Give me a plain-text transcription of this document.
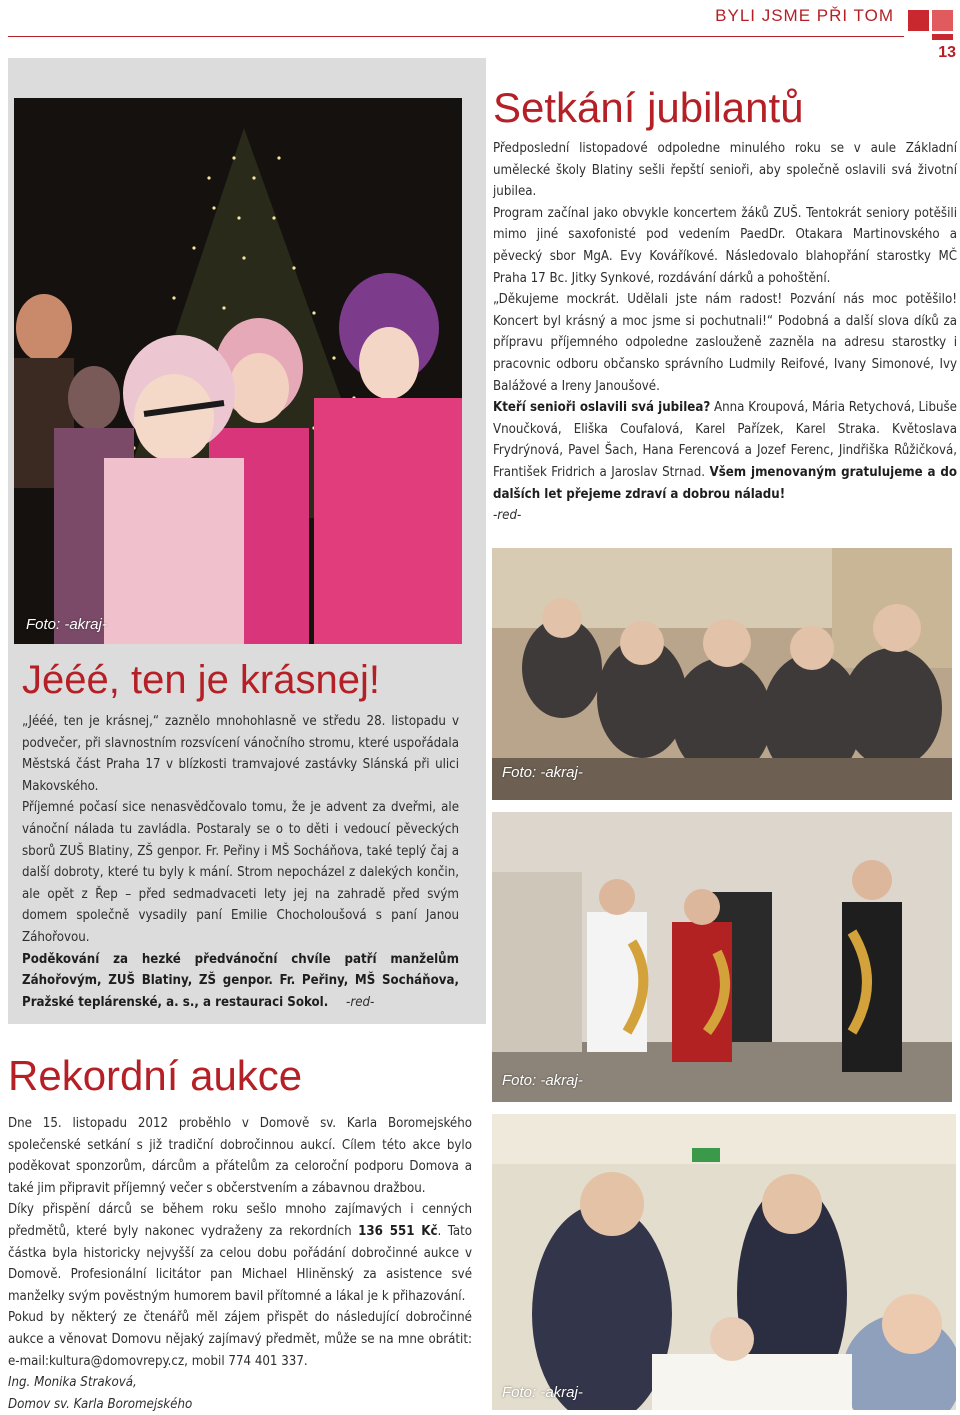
BYLI JSME PŘI TOM
13
Foto: -akraj-
Jééé, ten je krásnej!

„Jééé, ten je krásnej,“ zaznělo mnohohlasně ve středu 28. listopadu v podvečer, při slavnostním rozsvícení vánočního stromu, které uspořádala Městská část Praha 17 v blízkosti tramvajové zastávky Slánská při ulici Makovského.

Příjemné počasí sice nenasvědčovalo tomu, že je advent za dveřmi, ale vánoční nálada tu zavládla. Postaraly se o to děti i vedoucí pěveckých sborů ZUŠ Blatiny, ZŠ genpor. Fr. Peřiny i MŠ Socháňova, také teplý čaj a další dobroty, které tu byly k mání. Strom nepocházel z dalekých končin, ale opět z Řep – před sedmadvaceti lety jej na zahradě před svým domem společně vysadily paní Emilie Chocholoušová s paní Janou Záhořovou.

Poděkování za hezké předvánoční chvíle patří manželům Záhořovým, ZUŠ Blatiny, ZŠ genpor. Fr. Peřiny, MŠ Socháňova, Pražské teplárenské, a. s., a restauraci Sokol. -red-

Setkání jubilantů

Předposlední listopadové odpoledne minulého roku se v aule Základní umělecké školy Blatiny sešli řepští senioři, aby společně oslavili svá životní jubilea.

Program začínal jako obvykle koncertem žáků ZUŠ. Tentokrát seniory potěšili mimo jiné saxofonisté pod vedením PaedDr. Otakara Martinovského a pěvecký sbor MgA. Evy Kováříkové. Následovalo blahopřání starostky MČ Praha 17 Bc. Jitky Synkové, rozdávání dárků a pohoštění.

„Děkujeme mockrát. Udělali jste nám radost! Pozvání nás moc potěšilo! Koncert byl krásný a moc jsme si pochutnali!“ Podobná a další slova díků za přípravu příjemného odpoledne zaslouženě zazněla na adresu starostky i pracovnic odboru občansko správního Ludmily Reifové, Ivany Simonové, Ivy Balážové a Ireny Janoušové.

Kteří senioři oslavili svá jubilea? Anna Kroupová, Mária Retychová, Libuše Vnoučková, Eliška Coufalová, Karel Pařízek, Karel Straka. Květoslava Frydrýnová, Pavel Šach, Hana Ferencová a Jozef Ferenc, Jindřiška Růžičková, František Fridrich a Jaroslav Strnad. Všem jmenovaným gratulujeme a do dalších let přejeme zdraví a dobrou náladu!

-red-

Foto: -akraj-
Foto: -akraj-
Foto: -akraj-
Rekordní aukce

Dne 15. listopadu 2012 proběhlo v Domově sv. Karla Boromejského společenské setkání s již tradiční dobročinnou aukcí. Cílem této akce bylo poděkovat sponzorům, dárcům a přátelům za celoroční podporu Domova a také jim připravit příjemný večer s občerstvením a zábavnou dražbou.

Díky přispění dárců se během roku sešlo mnoho zajímavých i cenných předmětů, které byly nakonec vydraženy za rekordních 136 551 Kč. Tato částka byla historicky nejvyšší za celou dobu pořádání dobročinné aukce v Domově. Profesionální licitátor pan Michael Hlinĕnský za asistence své manželky svým povĕstným humorem baviI přítomné a lákal je k přihazování.

Pokud by některý ze čtenářů měl zájem přispět do následující dobročinné aukce a věnovat Domovu nějaký zajímavý předmět, může se na mne obrátit: e-mail:kultura@domovrepy.cz, mobil 774 401 337.

Ing. Monika Straková,

Domov sv. Karla Boromejského
